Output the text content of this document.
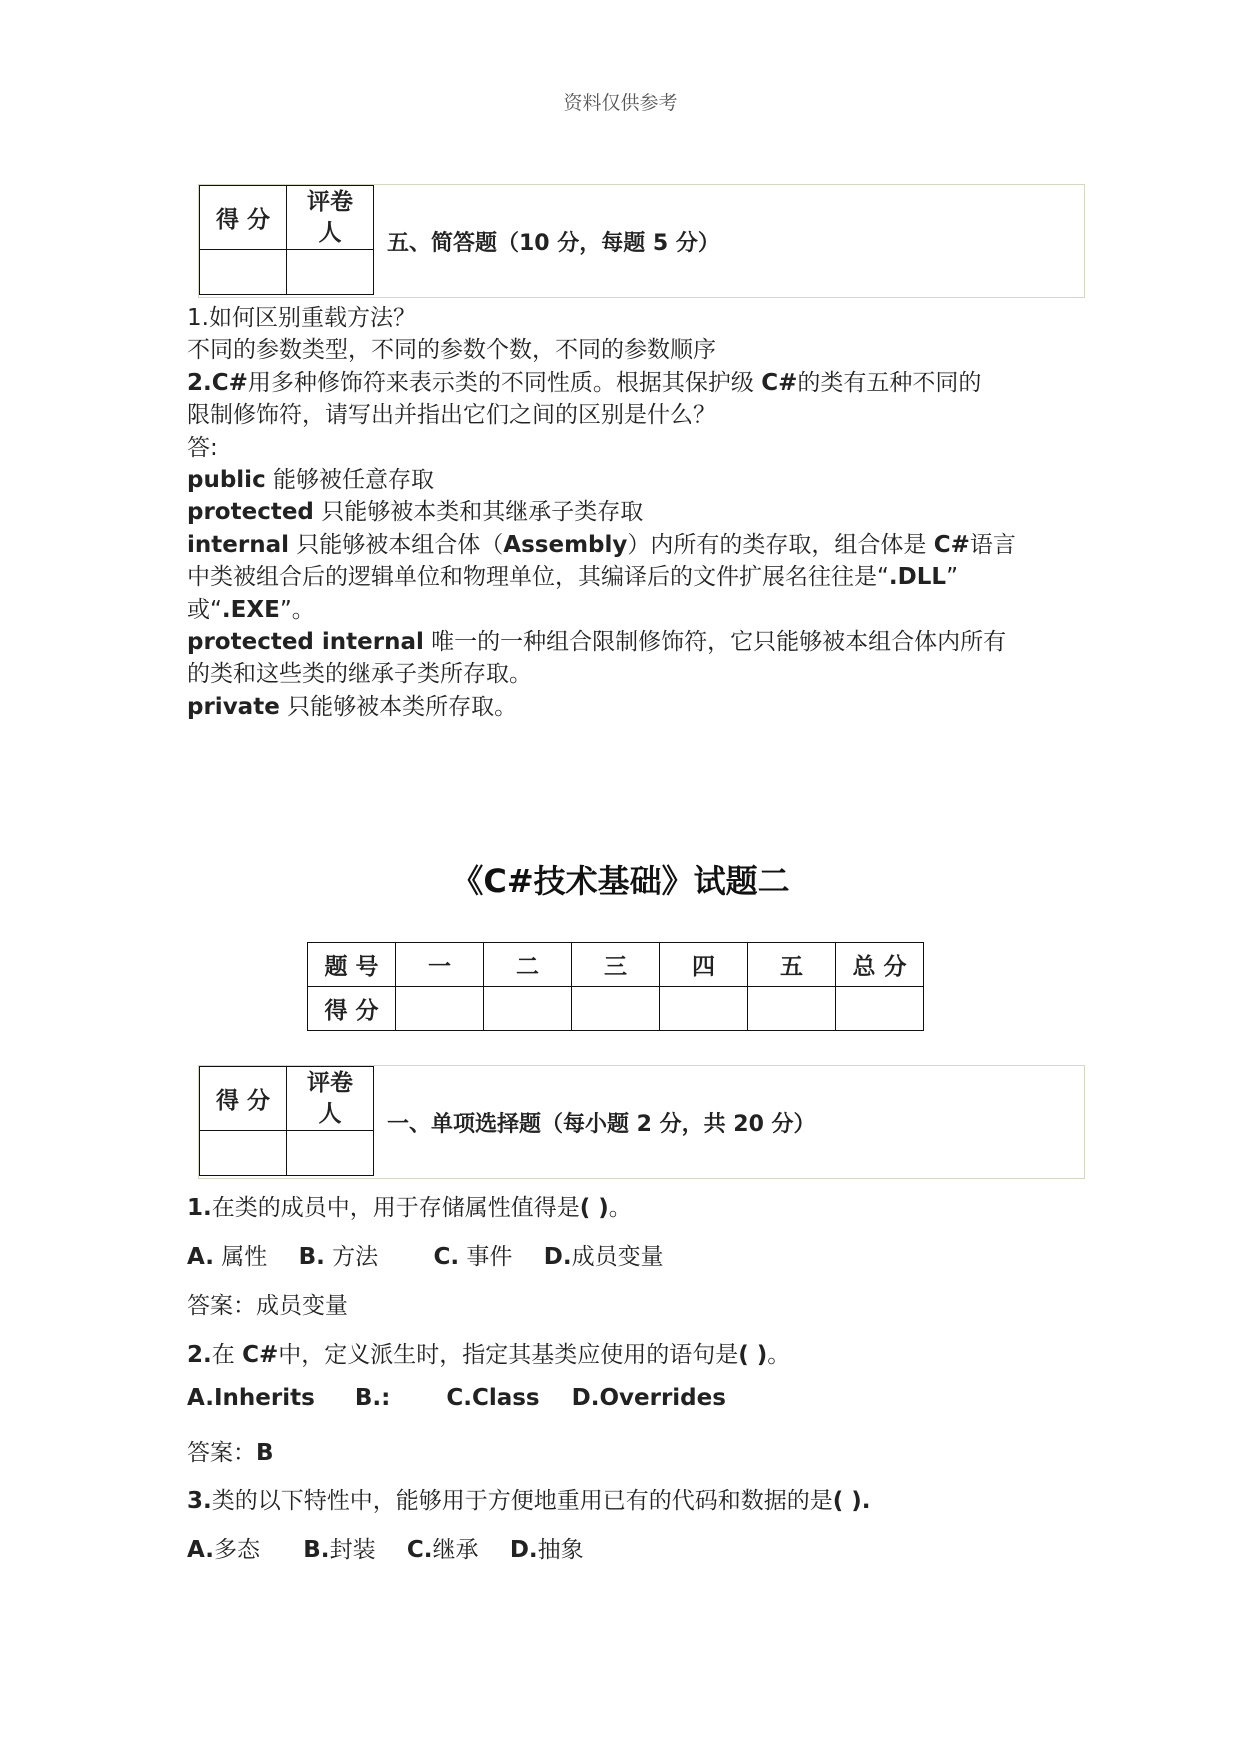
资料仅供参考
得 分	评卷
人
	五、简答题（10 分，每题 5 分）
1.如何区别重载方法？
不同的参数类型，不同的参数个数，不同的参数顺序
2.C#用多种修饰符来表示类的不同性质。根据其保护级 C#的类有五种不同的
限制修饰符，请写出并指出它们之间的区别是什么？
答:
public 能够被任意存取
protected 只能够被本类和其继承子类存取
internal 只能够被本组合体（Assembly）内所有的类存取，组合体是 C#语言
中类被组合后的逻辑单位和物理单位，其编译后的文件扩展名往往是“.DLL”
或“.EXE”。
protected internal 唯一的一种组合限制修饰符，它只能够被本组合体内所有
的类和这些类的继承子类所存取。
private 只能够被本类所存取。
《C#技术基础》试题二
题 号	一	二	三	四	五	总 分
得 分						
得 分	评卷
人
	一、单项选择题（每小题 2 分，共 20 分）
1.在类的成员中，用于存储属性值得是( )。
A. 属性 B. 方法 C. 事件 D.成员变量
答案：成员变量
2.在 C#中，定义派生时，指定其基类应使用的语句是( )。
A.Inherits     B.:       C.Class    D.Overrides
答案：B
3.类的以下特性中，能够用于方便地重用已有的代码和数据的是( ).
A.多态 B.封装 C.继承 D.抽象
